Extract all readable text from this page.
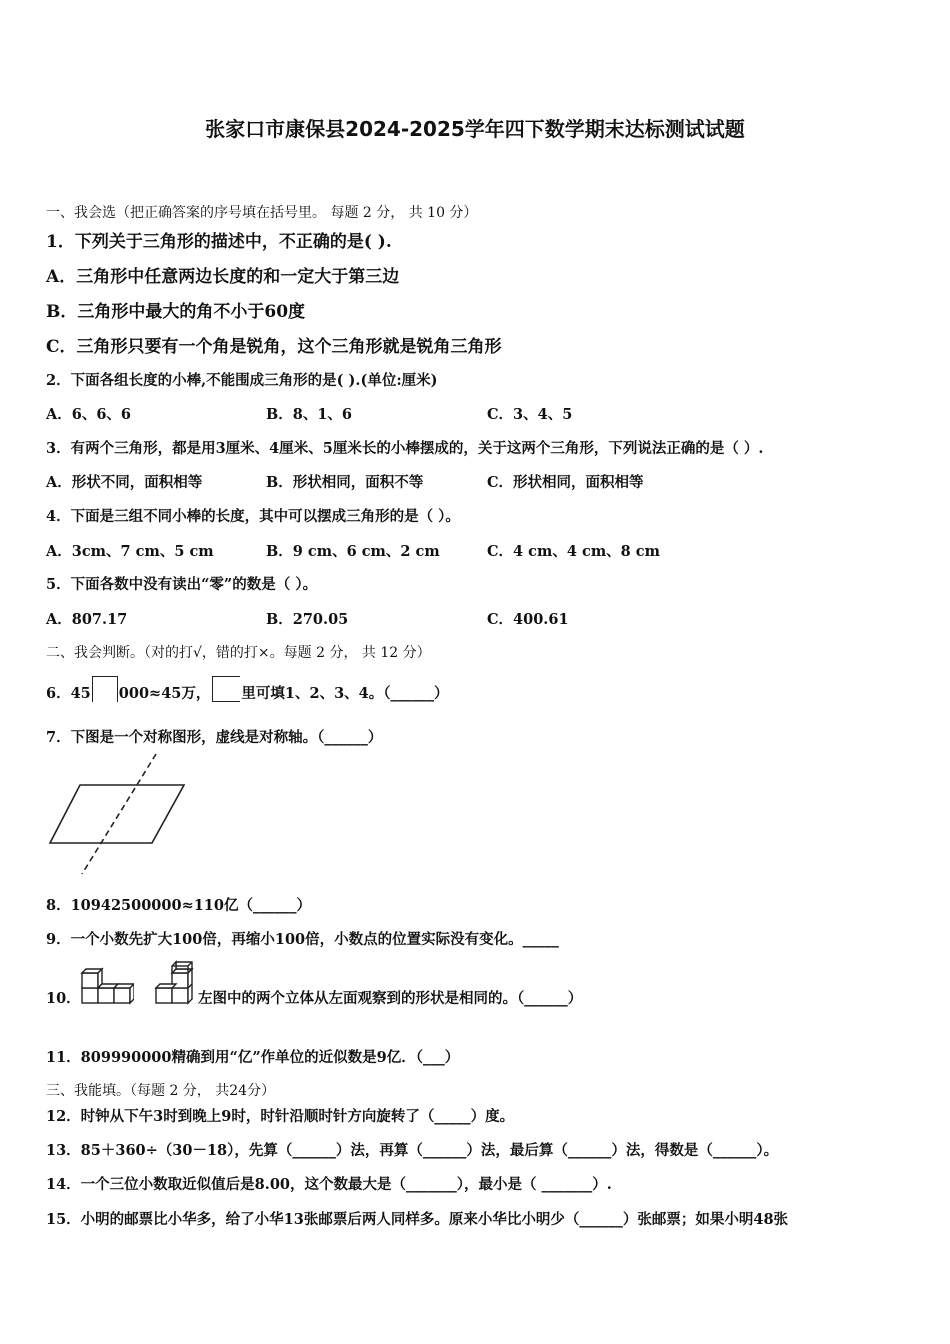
张家口市康保县2024-2025学年四下数学期末达标测试试题
一、我会选（把正确答案的序号填在括号里。 每题 2 分， 共 10 分）
1．下列关于三角形的描述中，不正确的是( ).
A．三角形中任意两边长度的和一定大于第三边
B．三角形中最大的角不小于60度
C．三角形只要有一个角是锐角，这个三角形就是锐角三角形
2．下面各组长度的小棒,不能围成三角形的是( ).(单位:厘米)
A．6、6、6	B．8、1、6	C．3、4、5
3．有两个三角形，都是用3厘米、4厘米、5厘米长的小棒摆成的，关于这两个三角形，下列说法正确的是（ ）.
A．形状不同，面积相等	B．形状相同，面积不等	C．形状相同，面积相等
4．下面是三组不同小棒的长度，其中可以摆成三角形的是（ ）。
A．3cm、7 cm、5 cm	B．9 cm、6 cm、2 cm	C．4 cm、4 cm、8 cm
5．下面各数中没有读出“零”的数是（ ）。
A．807.17	B．270.05	C．400.61
二、我会判断。（对的打√，错的打×。每题 2 分， 共 12 分）
6．45 000≈45万， 里可填1、2、3、4。（______）
7．下图是一个对称图形，虚线是对称轴。（______）
8．10942500000≈110亿（______）
9．一个小数先扩大100倍，再缩小100倍，小数点的位置实际没有变化。_____
10．	左图中的两个立体从左面观察到的形状是相同的。（______）
11．809990000精确到用“亿”作单位的近似数是9亿．（___）
三、我能填。（每题 2 分， 共24分）
12．时钟从下午3时到晚上9时，时针沿顺时针方向旋转了（_____）度。
13．85＋360÷（30－18），先算（______）法，再算（______）法，最后算（______）法，得数是（______）。
14．一个三位小数取近似值后是8.00，这个数最大是（_______），最小是（ _______）.
15．小明的邮票比小华多，给了小华13张邮票后两人同样多。原来小华比小明少（______）张邮票；如果小明48张
